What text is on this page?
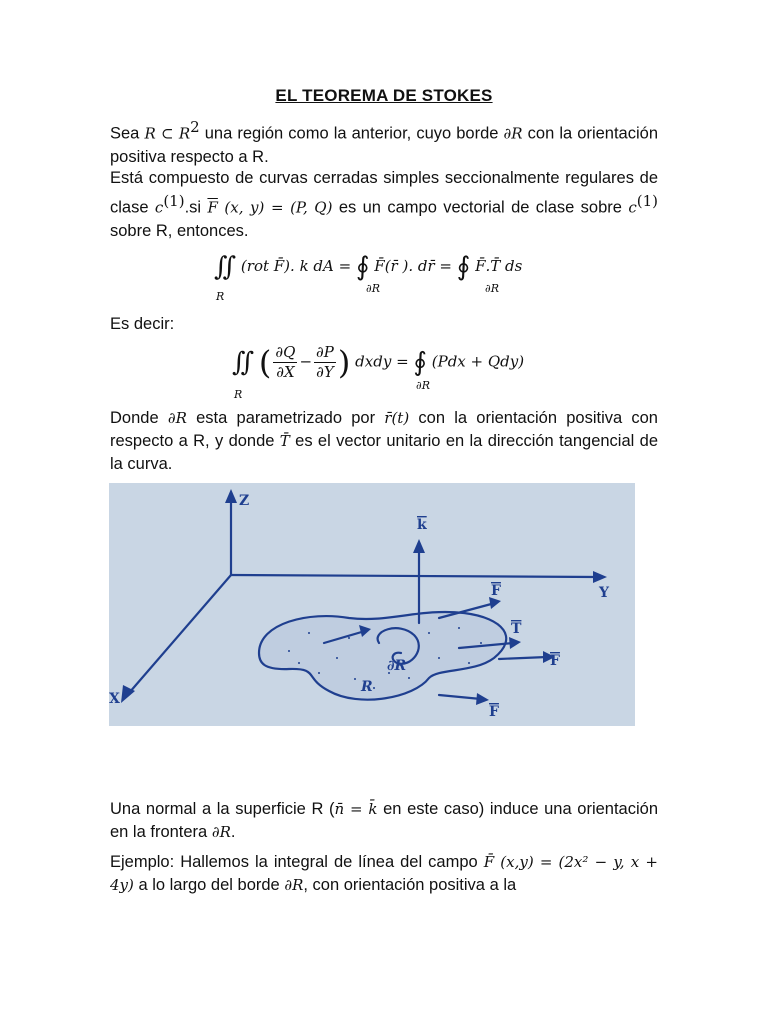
EL TEOREMA DE STOKES
Sea R ⊂ $R^2$ una región como la anterior, cuyo borde ∂R con la orientación positiva respecto a R.
Está compuesto de curvas cerradas simples seccionalmente regulares de clase $c^{(1)}.si$ $\overline{F}$ (x, y) = (P, Q) es un campo vectorial de clase sobre $c^{(1)}$ sobre R, entonces.
∬ (rot F̄). k dA = ∮ F̄(r̄ ). dr̄ = ∮ F̄.T̄ ds
R
∂R	∂R
Es decir:
∬ ( $\frac{\partial Q}{\partial X} - \frac{\partial P}{\partial Y}$ ) dxdy = ∮ (Pdx + Qdy)
R
∂R
Donde ∂R esta parametrizado por r̄(t) con la orientación positiva con respecto a R, y donde T̄ es el vector unitario en la dirección tangencial de la curva.
Z
Y
X
k
F
T
F
F
∂R
R
Una normal a la superficie R (n̄ = k̄ en este caso) induce una orientación en la frontera ∂R.
Ejemplo: Hallemos la integral de línea del campo F̄ (x,y) = (2x² − y, x + 4y) a lo largo del borde ∂R, con orientación positiva a la
